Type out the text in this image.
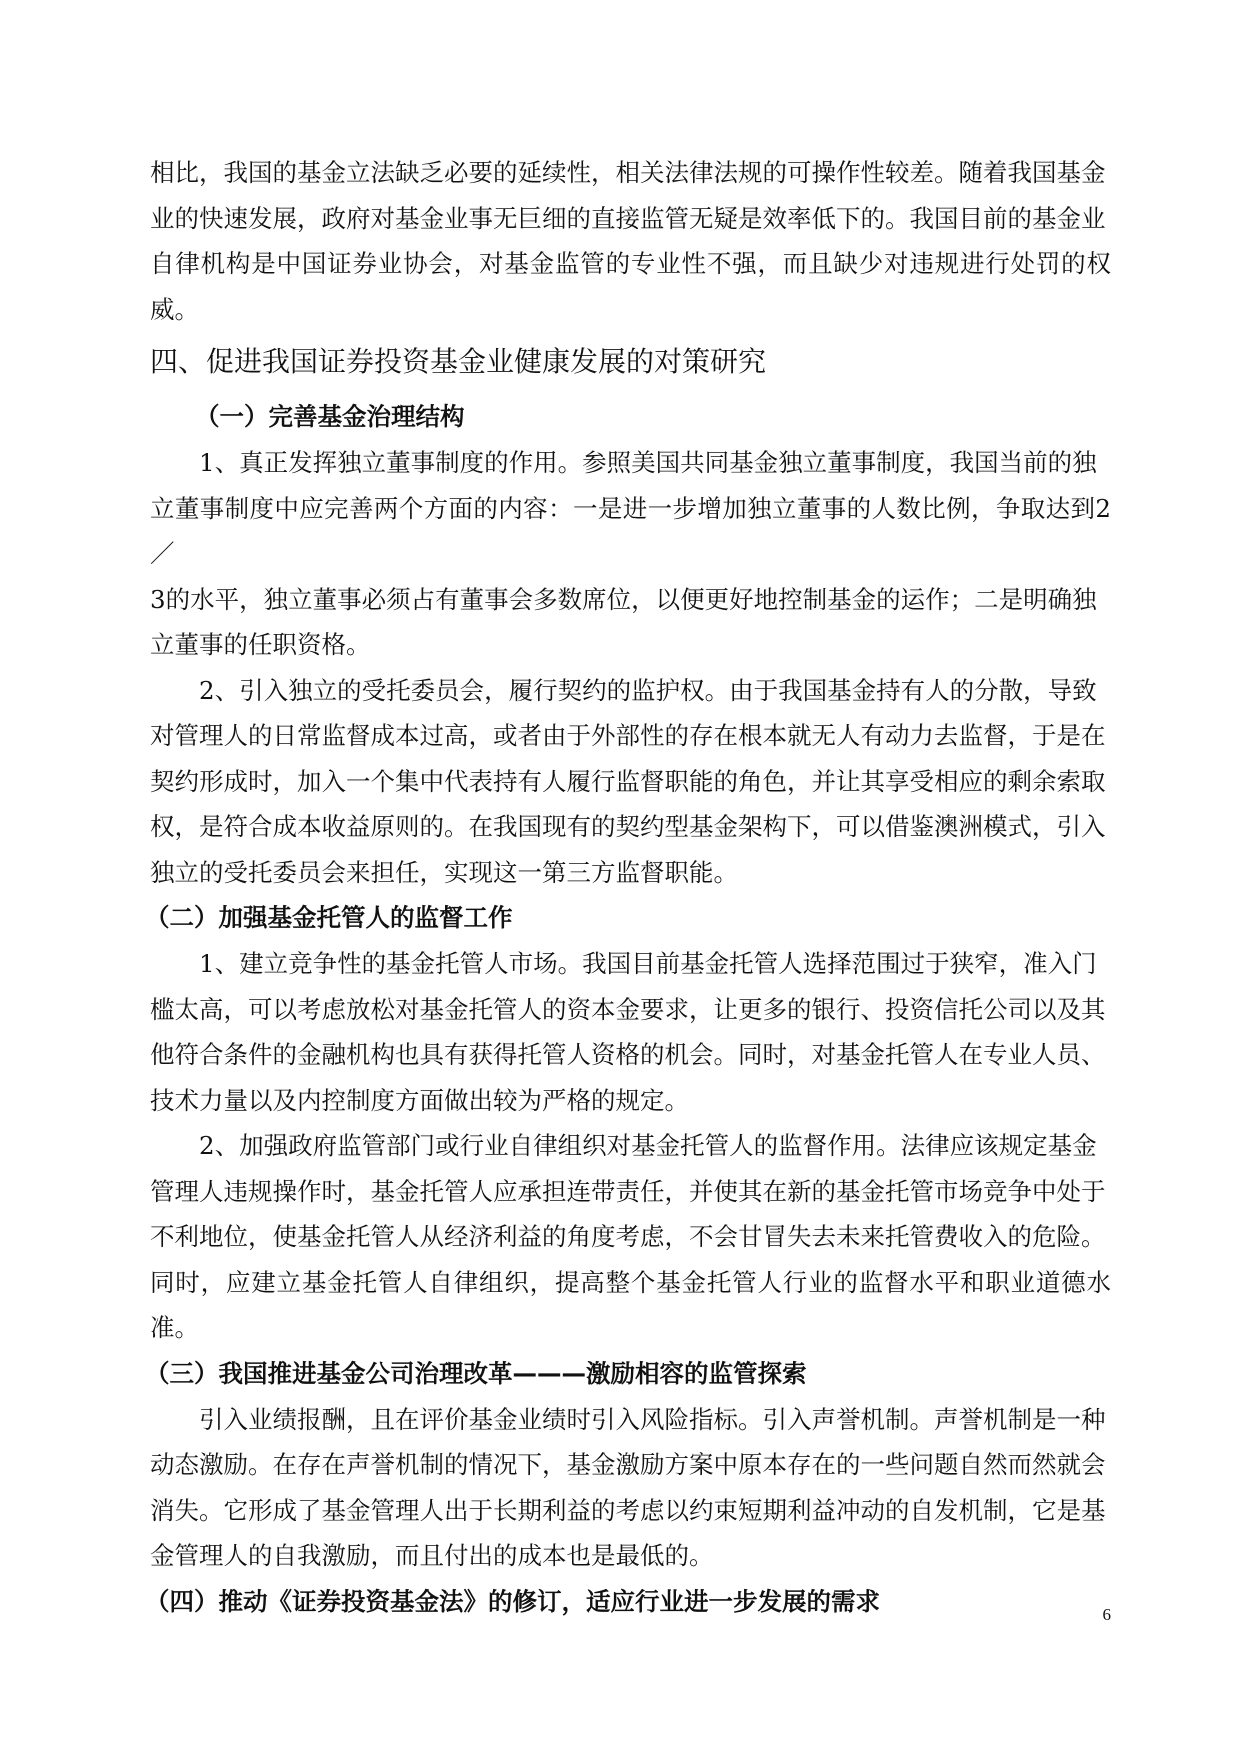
相比，我国的基金立法缺乏必要的延续性，相关法律法规的可操作性较差。随着我国基金
业的快速发展，政府对基金业事无巨细的直接监管无疑是效率低下的。我国目前的基金业
自律机构是中国证券业协会，对基金监管的专业性不强，而且缺少对违规进行处罚的权威。

四、促进我国证券投资基金业健康发展的对策研究
（一）完善基金治理结构

1、真正发挥独立董事制度的作用。参照美国共同基金独立董事制度，我国当前的独
立董事制度中应完善两个方面的内容：一是进一步增加独立董事的人数比例，争取达到2／
3的水平，独立董事必须占有董事会多数席位，以便更好地控制基金的运作；二是明确独
立董事的任职资格。

2、引入独立的受托委员会，履行契约的监护权。由于我国基金持有人的分散，导致
对管理人的日常监督成本过高，或者由于外部性的存在根本就无人有动力去监督，于是在
契约形成时，加入一个集中代表持有人履行监督职能的角色，并让其享受相应的剩余索取
权，是符合成本收益原则的。在我国现有的契约型基金架构下，可以借鉴澳洲模式，引入
独立的受托委员会来担任，实现这一第三方监督职能。

（二）加强基金托管人的监督工作

1、建立竞争性的基金托管人市场。我国目前基金托管人选择范围过于狭窄，准入门
槛太高，可以考虑放松对基金托管人的资本金要求，让更多的银行、投资信托公司以及其
他符合条件的金融机构也具有获得托管人资格的机会。同时，对基金托管人在专业人员、
技术力量以及内控制度方面做出较为严格的规定。

2、加强政府监管部门或行业自律组织对基金托管人的监督作用。法律应该规定基金
管理人违规操作时，基金托管人应承担连带责任，并使其在新的基金托管市场竞争中处于
不利地位，使基金托管人从经济利益的角度考虑，不会甘冒失去未来托管费收入的危险。
同时，应建立基金托管人自律组织，提高整个基金托管人行业的监督水平和职业道德水准。

（三）我国推进基金公司治理改革———激励相容的监管探索

引入业绩报酬，且在评价基金业绩时引入风险指标。引入声誉机制。声誉机制是一种
动态激励。在存在声誉机制的情况下，基金激励方案中原本存在的一些问题自然而然就会
消失。它形成了基金管理人出于长期利益的考虑以约束短期利益冲动的自发机制，它是基
金管理人的自我激励，而且付出的成本也是最低的。

（四）推动《证券投资基金法》的修订，适应行业进一步发展的需求	6
